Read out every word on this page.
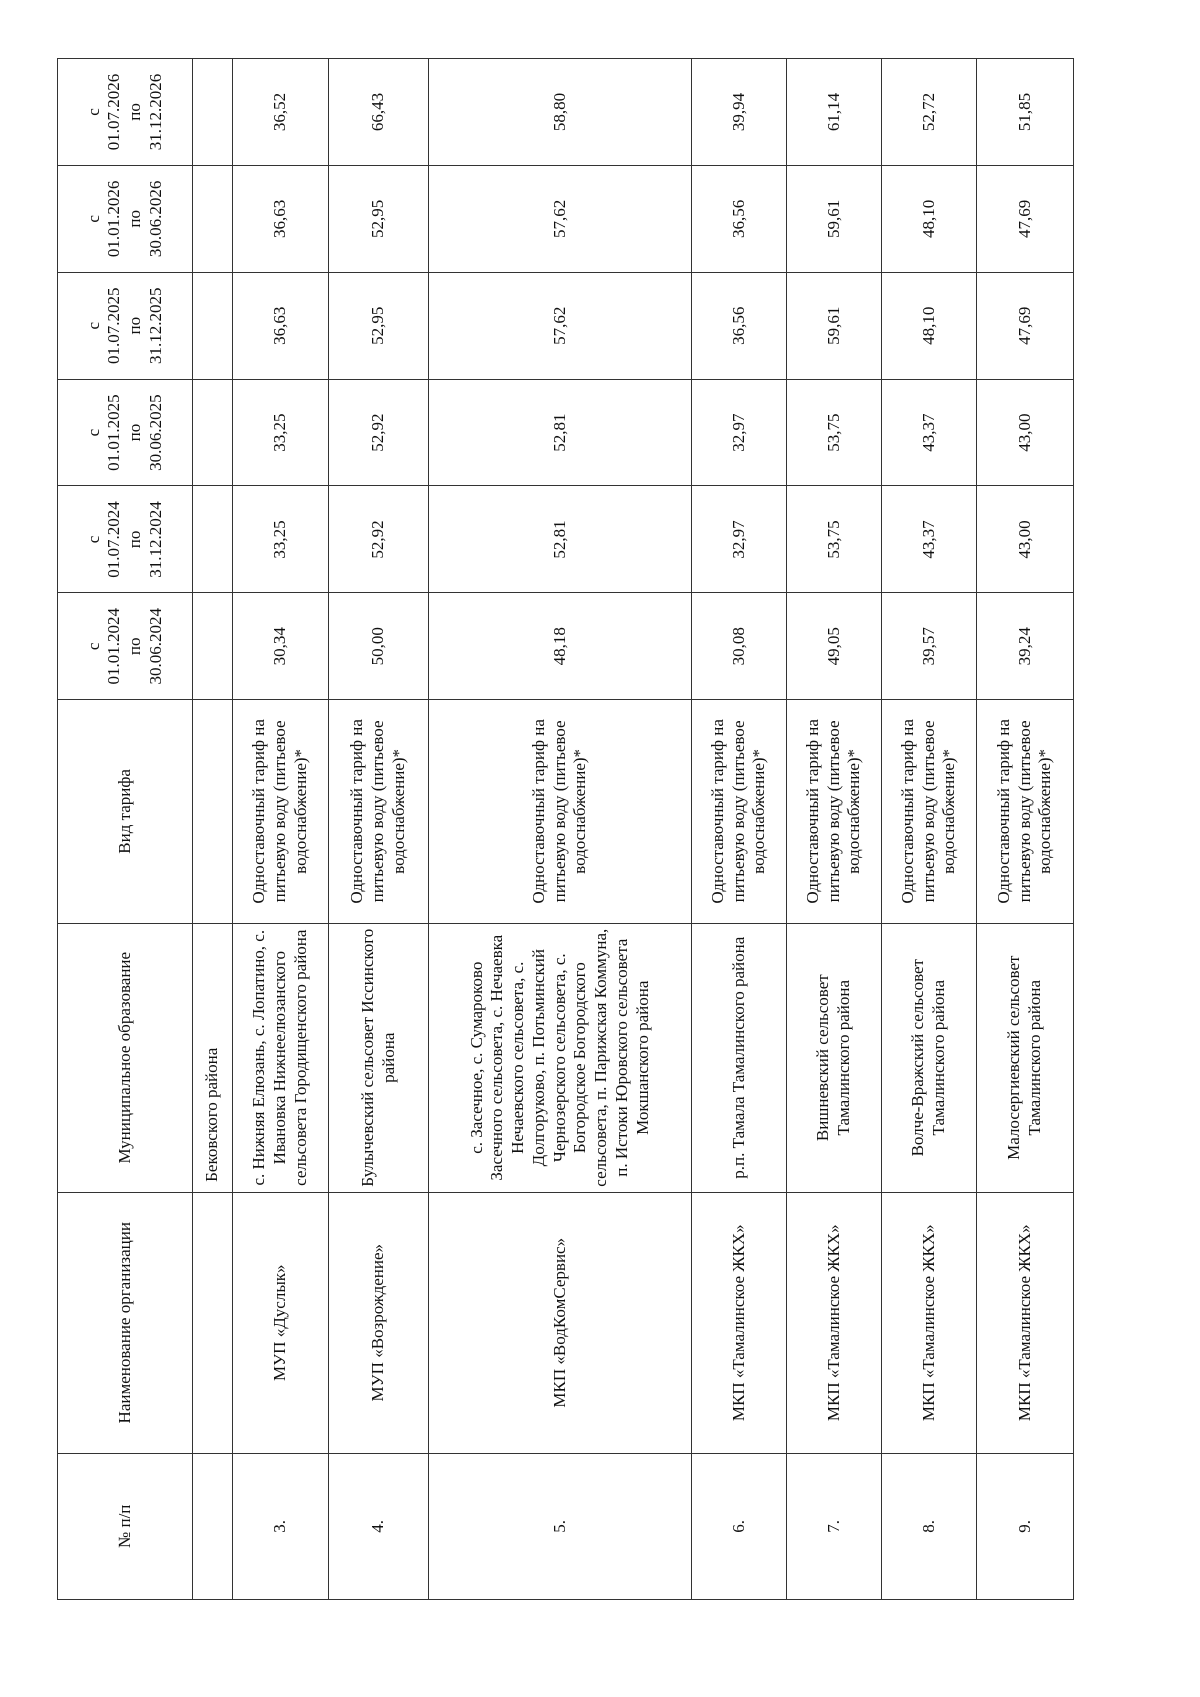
№ п/п	Наименование организации	Муниципальное образование	Вид тарифа	с 01.01.2024 по 30.06.2024	с 01.07.2024 по 31.12.2024	с 01.01.2025 по 30.06.2025	с 01.07.2025 по 31.12.2025	с 01.01.2026 по 30.06.2026	с 01.07.2026 по 31.12.2026

		Бековского района							
3.	МУП «Дуслык»	с. Нижняя Елюзань, с. Лопатино, с. Ивановка Нижнеелюзанского сельсовета Городищенского района	Одноставочный тариф на питьевую воду (питьевое водоснабжение)*	30,34	33,25	33,25	36,63	36,63	36,52
4.	МУП «Возрождение»	Булычевский сельсовет Иссинского района	Одноставочный тариф на питьевую воду (питьевое водоснабжение)*	50,00	52,92	52,92	52,95	52,95	66,43
5.	МКП «ВодКомСервис»	с. Засечное, с. Сумароково Засечного сельсовета, с. Нечаевка Нечаевского сельсовета, с. Долгоруково, п. Потьминский Чернозерского сельсовета, с. Богородское Богородского сельсовета, п. Парижская Коммуна, п. Истоки Юровского сельсовета Мокшанского района	Одноставочный тариф на питьевую воду (питьевое водоснабжение)*	48,18	52,81	52,81	57,62	57,62	58,80
6.	МКП «Тамалинское ЖКХ»	р.п. Тамала Тамалинского района	Одноставочный тариф на питьевую воду (питьевое водоснабжение)*	30,08	32,97	32,97	36,56	36,56	39,94
7.	МКП «Тамалинское ЖКХ»	Вишневский сельсовет Тамалинского района	Одноставочный тариф на питьевую воду (питьевое водоснабжение)*	49,05	53,75	53,75	59,61	59,61	61,14
8.	МКП «Тамалинское ЖКХ»	Волче-Вражский сельсовет Тамалинского района	Одноставочный тариф на питьевую воду (питьевое водоснабжение)*	39,57	43,37	43,37	48,10	48,10	52,72
9.	МКП «Тамалинское ЖКХ»	Малосергиевский сельсовет Тамалинского района	Одноставочный тариф на питьевую воду (питьевое водоснабжение)*	39,24	43,00	43,00	47,69	47,69	51,85
